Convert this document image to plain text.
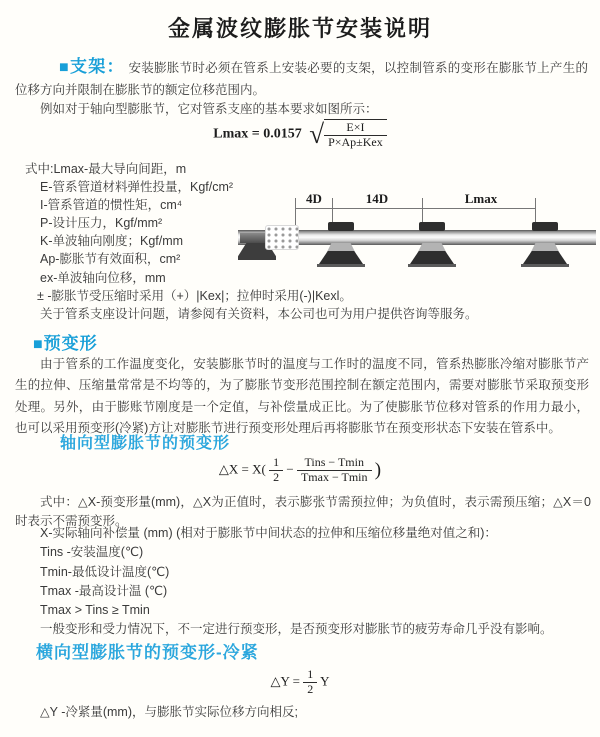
金属波纹膨胀节安装说明
■支架： 安装膨胀节时必须在管系上安装必要的支架，以控制管系的变形在膨胀节上产生的位移方向并限制在膨胀节的额定位移范围内。
例如对于轴向型膨胀节，它对管系支座的基本要求如图所示：
Lmax = 0.0157 √ $\frac{E\times I}{\text{P×Ap±Kex}}$
式中:Lmax-最大导向间距，m
E-管系管道材料弹性投量，Kgf/cm²
I-管系管道的惯性矩，cm⁴
P-设计压力，Kgf/mm²
K-单波轴向刚度；Kgf/mm
Ap-膨胀节有效面积，cm²
ex-单波轴向位移，mm
± -膨胀节受压缩时采用（+）|Kex|；拉伸时采用(-)|Kexl。
关于管系支座设计问题，请参阅有关资料，本公司也可为用户提供咨询等服务。
4D	14D	Lmax
■预变形
由于管系的工作温度变化，安装膨胀节时的温度与工作时的温度不同，管系热膨胀冷缩对膨胀节产生的拉伸、压缩量常常是不均等的，为了膨胀节变形范围控制在额定范围内，需要对膨胀节采取预变形处理。另外，由于膨账节刚度是一个定值，与补偿量成正比。为了使膨胀节位移对管系的作用力最小，也可以采用预变形(冷紧)方让对膨胀节进行预变形处理后再将膨胀节在预变形状态下安装在管系中。
轴向型膨胀节的预变形
△X = $X( \frac{1}{2} - \frac{\text{Tins − Tmin}}{Tmax - Tmin}$ )
式中：△X-预变形量(mm)，△X为正值时，表示膨张节需预拉伸；为负值时，表示需预压缩；△X＝0时表示不需预变形。
X-实际轴向补偿量 (mm) (相对于膨胀节中间状态的拉伸和压缩位移量绝对值之和)：
Tins -安装温度(℃)
Tmin-最低设计温度(℃)
Tmax -最高设计温 (℃)
Tmax > Tins ≥ Tmin
一般变形和受力情况下，不一定进行预变形，是否预变形对膨胀节的疲劳寿命几乎没有影响。
横向型膨胀节的预变形-冷紧
△Y = $\frac{1}{2}$ Y
△Y -冷紧量(mm)，与膨胀节实际位移方向相反;
